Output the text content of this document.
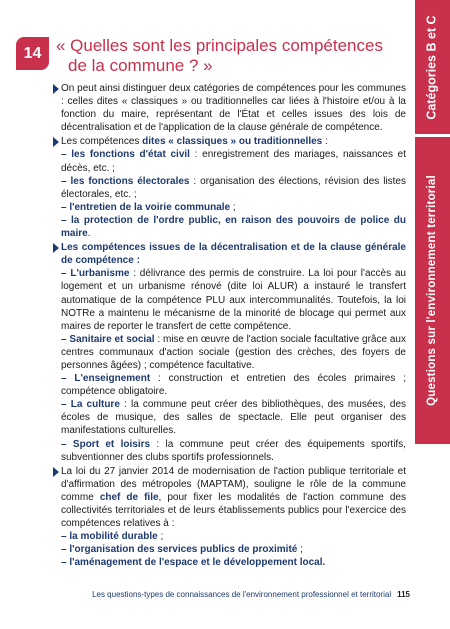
Catégories B et C
Questions sur l'environnement territorial
14 « Quelles sont les principales compétences
de la commune ? »

On peut ainsi distinguer deux catégories de compétences pour les communes : celles dites « classiques » ou traditionnelles car liées à l'histoire et/ou à la fonction du maire, représentant de l'État et celles issues des lois de décentralisation et de l'application de la clause générale de compétence.

Les compétences dites « classiques » ou traditionnelles :

– les fonctions d'état civil : enregistrement des mariages, naissances et décès, etc. ;

– les fonctions électorales : organisation des élections, révision des listes électorales, etc. ;

– l'entretien de la voirie communale ;

– la protection de l'ordre public, en raison des pouvoirs de police du maire.

Les compétences issues de la décentralisation et de la clause générale de compétence :

– L'urbanisme : délivrance des permis de construire. La loi pour l'accès au logement et un urbanisme rénové (dite loi ALUR) a instauré le transfert automatique de la compétence PLU aux intercommunalités. Toutefois, la loi NOTRe a maintenu le mécanisme de la minorité de blocage qui permet aux maires de reporter le transfert de cette compétence.

– Sanitaire et social : mise en œuvre de l'action sociale facultative grâce aux centres communaux d'action sociale (gestion des crèches, des foyers de personnes âgées) ; compétence facultative.

– L'enseignement : construction et entretien des écoles primaires ; compétence obligatoire.

– La culture : la commune peut créer des bibliothèques, des musées, des écoles de musique, des salles de spectacle. Elle peut organiser des manifestations culturelles.

– Sport et loisirs : la commune peut créer des équipements sportifs, subventionner des clubs sportifs professionnels.

La loi du 27 janvier 2014 de modernisation de l'action publique territoriale et d'affirmation des métropoles (MAPTAM), souligne le rôle de la commune comme chef de file, pour fixer les modalités de l'action commune des collectivités territoriales et de leurs établissements publics pour l'exercice des compétences relatives à :

– la mobilité durable ;

– l'organisation des services publics de proximité ;

– l'aménagement de l'espace et le développement local.

Les questions-types de connaissances de l'environnement professionnel et territorial 115
